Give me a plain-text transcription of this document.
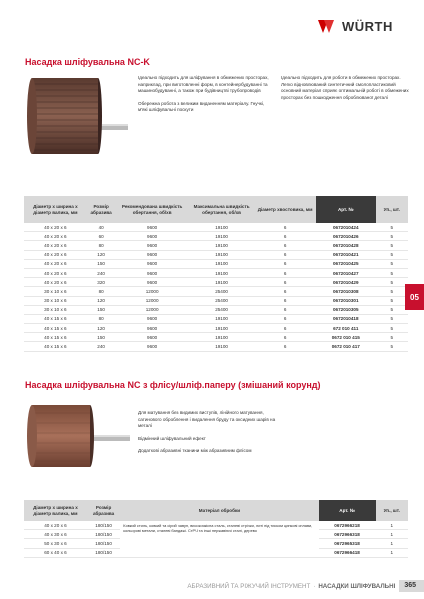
WÜRTH
Насадка шліфувальна NC-K

Ідеально підходить для шліфування в обмежених просторах, наприклад, при виготовленні форм, в контейнербудуванні та машинобудуванні, а також при будівництві трубопроводів

Обережна робота з великим виданенням матеріалу. Гнучкі, м'які шліфувальні поскути

Ідеально підходить для роботи в обмежених просторах. Легко відновлюваний синтетичний смолопластиковий основний матеріал сприяє оптимальній роботі в обмежених просторах без пошкодження оброблюваної деталі

Діаметр х ширина х діаметр валика, мм	Розмір абразива	Рекомендована швидкість обертання, об/хв	Максимальна швидкість обертання, об/хв	Діаметр хвостовика, мм	Арт. №	Уп., шт.
40 х 20 х 6	40	9600	19100	6	0672010424	5
40 х 20 х 6	60	9600	19100	6	0672010426	5
40 х 20 х 6	80	9600	19100	6	0672010428	5
40 х 20 х 6	120	9600	19100	6	0672010421	5
40 х 20 х 6	150	9600	19100	6	0672010425	5
40 х 20 х 6	240	9600	19100	6	0672010427	5
40 х 20 х 6	320	9600	19100	6	0672010429	5
30 х 10 х 6	80	12000	25400	6	0672010308	5
30 х 10 х 6	120	12000	25400	6	0672010301	5
30 х 10 х 6	150	12000	25400	6	0672010305	5
40 х 15 х 6	80	9600	19100	6	0672010418	5
40 х 15 х 6	120	9600	19100	6	672 010 411	5
40 х 15 х 6	150	9600	19100	6	0672 010 415	5
40 х 15 х 6	240	9600	19100	6	0672 010 417	5
05
Насадка шліфувальна NC з флісу/шліф.паперу (змішаний корунд)

Для матування без видимих виступів, лінійного матування, сатинового оброблення і видалення бруду та оксидних шарів на металі

Відмінний шліфувальний ефект

Додаткові абразивні тканини між абразивним флісом

Діаметр х ширина х діаметр валика, мм	Розмір абразива	Матеріал обробки	Арт. №	Уп., шт.
40 х 20 х 6	180/150	Ковкий стиль, ковкий та сірий чавун, високоякісна сталь, сталеві стрічки, литі під тиском цинкові сплави, кольорові метали, сталеві бандажі. СтРЧ та інші нержавіючі сталі, дерево	0672966218	1
40 х 30 х 6	180/150		0672966318	1
50 х 30 х 6	180/150		0672965318	1
60 х 40 х 6	180/150		0672966418	1
АБРАЗИВНИЙ ТА РІЖУЧИЙ ІНСТРУМЕНТ · НАСАДКИ ШЛІФУВАЛЬНІ	365
